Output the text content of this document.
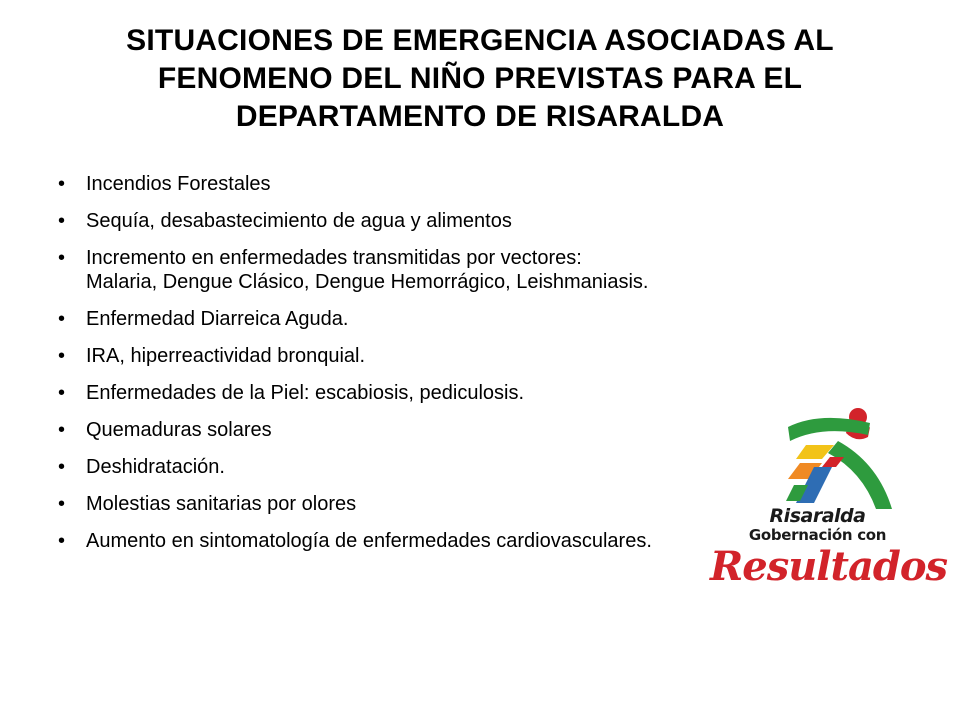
SITUACIONES DE EMERGENCIA ASOCIADAS AL
FENOMENO DEL NIÑO PREVISTAS PARA EL
DEPARTAMENTO DE RISARALDA
•	Incendios Forestales
•	Sequía, desabastecimiento de agua y alimentos
•	Incremento en enfermedades transmitidas por vectores: Malaria, Dengue Clásico, Dengue Hemorrágico, Leishmaniasis.
•	Enfermedad Diarreica Aguda.
•	IRA, hiperreactividad bronquial.
•	Enfermedades de la Piel: escabiosis, pediculosis.
•	Quemaduras solares
•	Deshidratación.
•	Molestias sanitarias por olores
•	Aumento en sintomatología de enfermedades cardiovasculares.
Risaralda
Gobernación con
Resultados
